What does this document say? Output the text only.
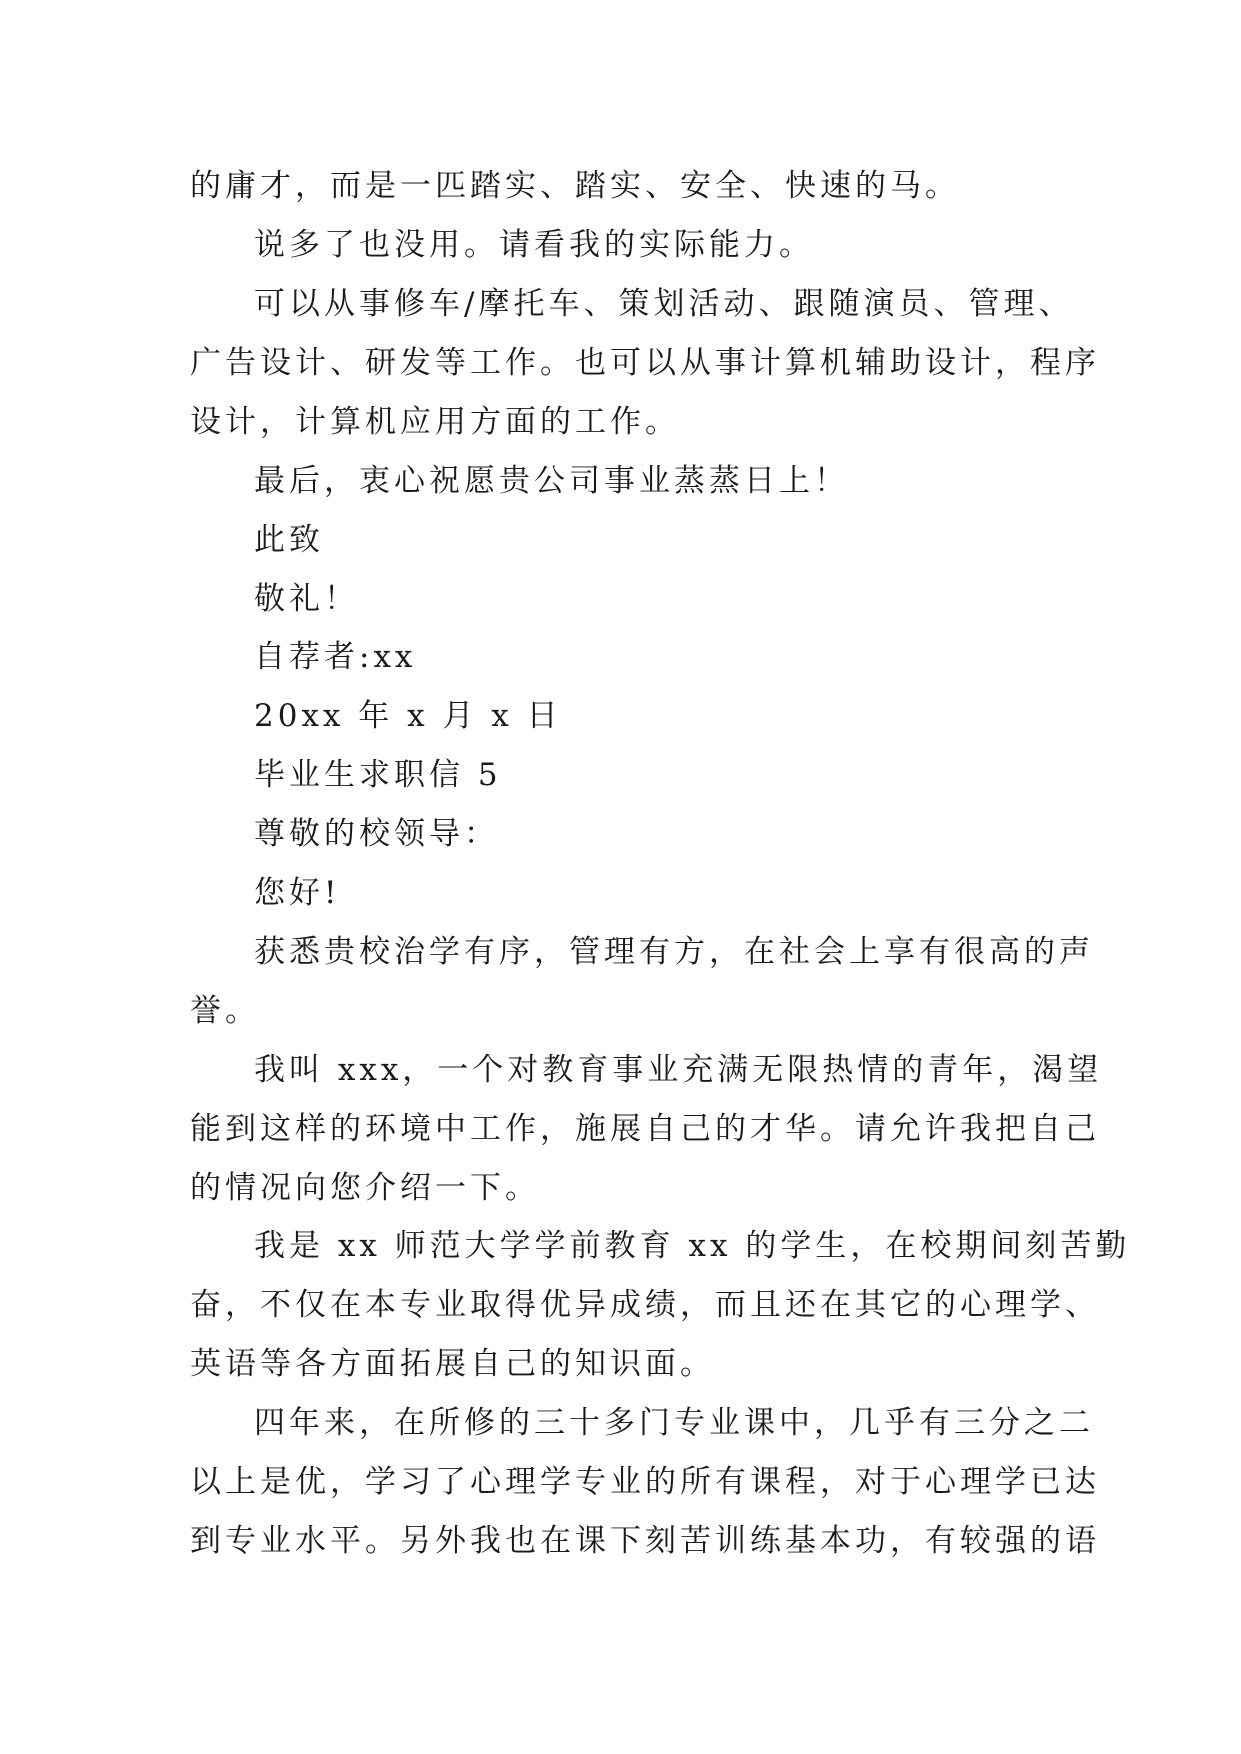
的庸才，而是一匹踏实、踏实、安全、快速的马。
说多了也没用。请看我的实际能力。
可以从事修车/摩托车、策划活动、跟随演员、管理、
广告设计、研发等工作。也可以从事计算机辅助设计，程序
设计，计算机应用方面的工作。
最后，衷心祝愿贵公司事业蒸蒸日上！
此致
敬礼！
自荐者:xx
20xx 年 x 月 x 日
毕业生求职信 5
尊敬的校领导：
您好!
获悉贵校治学有序，管理有方，在社会上享有很高的声
誉。
我叫 xxx，一个对教育事业充满无限热情的青年，渴望
能到这样的环境中工作，施展自己的才华。请允许我把自己
的情况向您介绍一下。
我是 xx 师范大学学前教育 xx 的学生，在校期间刻苦勤
奋，不仅在本专业取得优异成绩，而且还在其它的心理学、
英语等各方面拓展自己的知识面。
四年来，在所修的三十多门专业课中，几乎有三分之二
以上是优，学习了心理学专业的所有课程，对于心理学已达
到专业水平。另外我也在课下刻苦训练基本功，有较强的语
